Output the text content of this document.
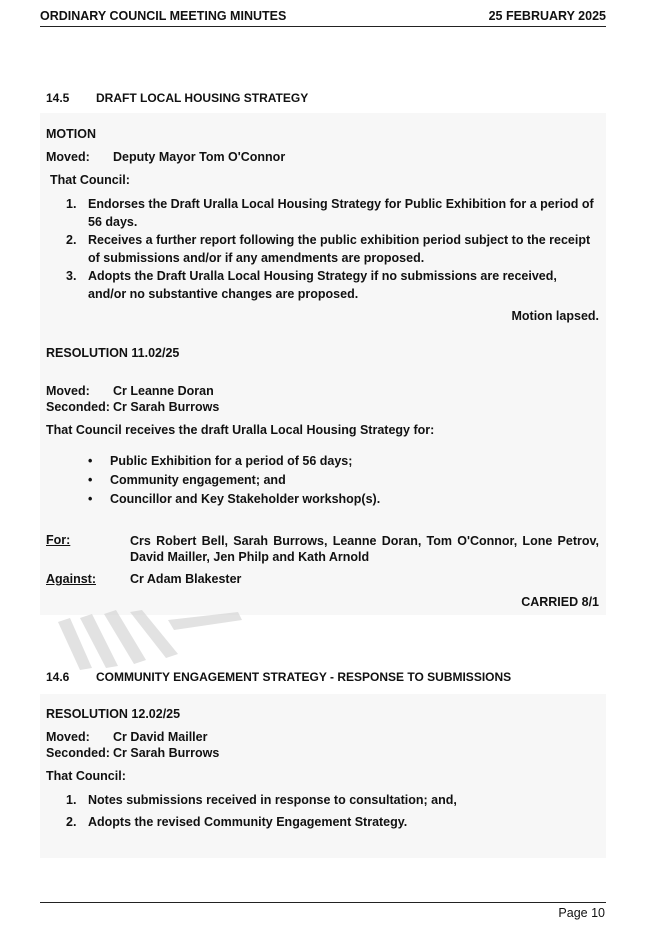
ORDINARY COUNCIL MEETING MINUTES	25 FEBRUARY 2025
14.5 DRAFT LOCAL HOUSING STRATEGY
MOTION
Moved: Deputy Mayor Tom O'Connor
That Council:
1. Endorses the Draft Uralla Local Housing Strategy for Public Exhibition for a period of 56 days.
2. Receives a further report following the public exhibition period subject to the receipt of submissions and/or if any amendments are proposed.
3. Adopts the Draft Uralla Local Housing Strategy if no submissions are received, and/or no substantive changes are proposed.
Motion lapsed.
RESOLUTION 11.02/25
Moved: Cr Leanne Doran
Seconded: Cr Sarah Burrows
That Council receives the draft Uralla Local Housing Strategy for:
• Public Exhibition for a period of 56 days;
• Community engagement; and
• Councillor and Key Stakeholder workshop(s).
For:	Crs Robert Bell, Sarah Burrows, Leanne Doran, Tom O'Connor, Lone Petrov, David Mailler, Jen Philp and Kath Arnold
Against:	Cr Adam Blakester
CARRIED 8/1
14.6 COMMUNITY ENGAGEMENT STRATEGY - RESPONSE TO SUBMISSIONS
RESOLUTION 12.02/25
Moved: Cr David Mailler
Seconded: Cr Sarah Burrows
That Council:
1. Notes submissions received in response to consultation; and,
2. Adopts the revised Community Engagement Strategy.
Page 10
